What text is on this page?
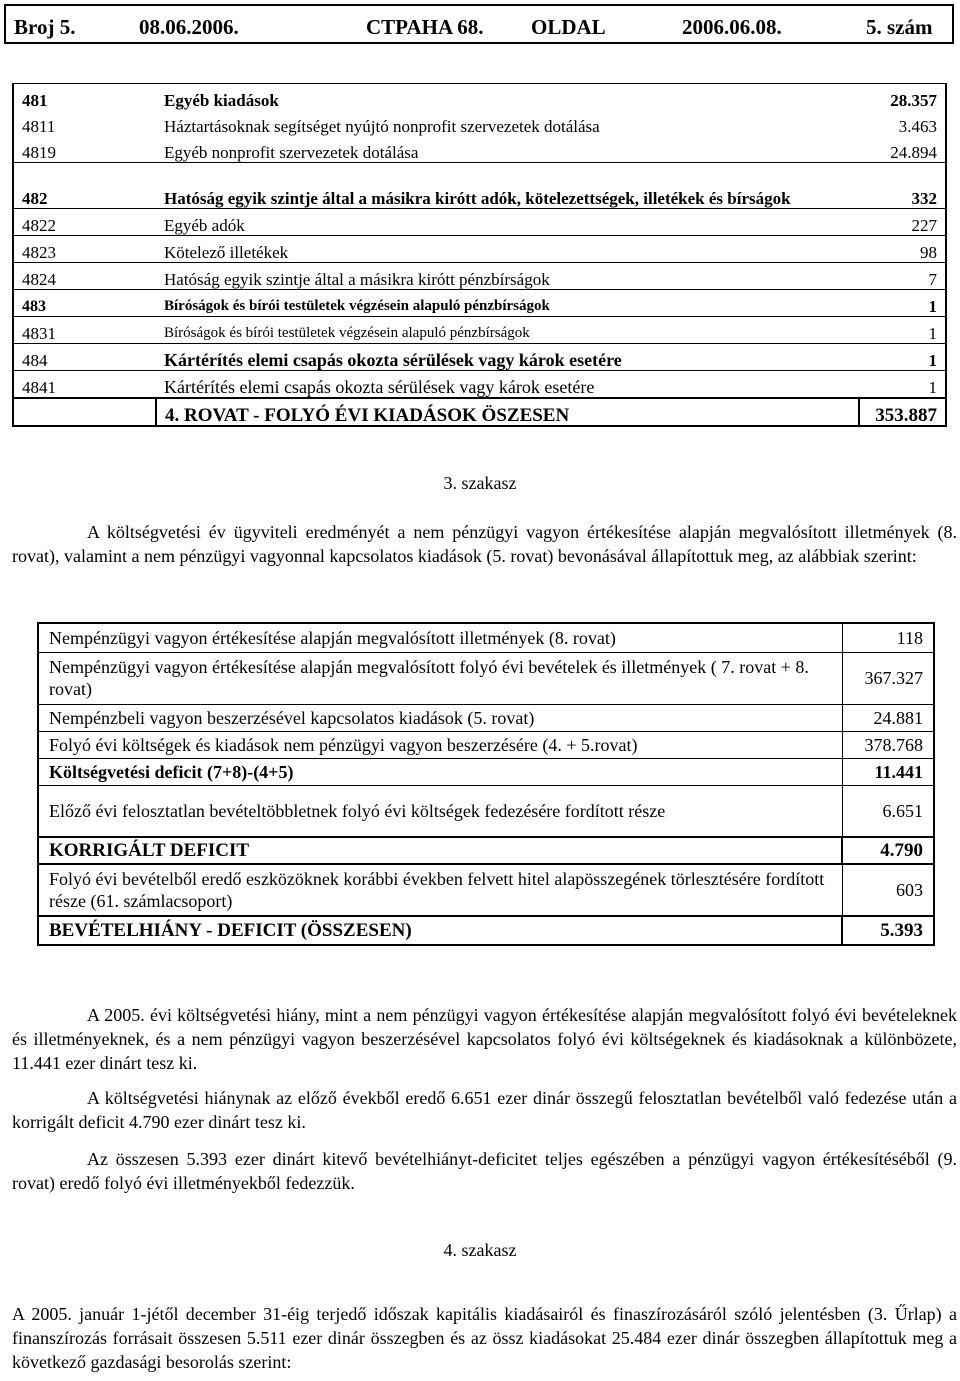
Broj 5.	08.06.2006.	CTPAHA 68. OLDAL	2006.06.08.	5. szám
481	Egyéb kiadások	28.357
4811	Háztartásoknak segítséget nyújtó nonprofit szervezetek dotálása	3.463
4819	Egyéb nonprofit szervezetek dotálása	24.894
482	Hatóság egyik szintje által a másikra kirótt adók, kötelezettségek, illetékek és bírságok	332
4822	Egyéb adók	227
4823	Kötelező illetékek	98
4824	Hatóság egyik szintje által a másikra kirótt pénzbírságok	7
483	Bíróságok és bírói testületek végzésein alapuló pénzbírságok	1
4831	Bíróságok és bírói testületek végzésein alapuló pénzbírságok	1
484	Kártérítés elemi csapás okozta sérülések vagy károk esetére	1
4841	Kártérítés elemi csapás okozta sérülések vagy károk esetére	1
	4. ROVAT - FOLYÓ ÉVI KIADÁSOK ÖSZESEN	353.887
3. szakasz
A költségvetési év ügyviteli eredményét a nem pénzügyi vagyon értékesítése alapján megvalósított illetmények (8. rovat), valamint a nem pénzügyi vagyonnal kapcsolatos kiadások (5. rovat) bevonásával állapítottuk meg, az alábbiak szerint:
Nempénzügyi vagyon értékesítése alapján megvalósított illetmények (8. rovat)	118
Nempénzügyi vagyon értékesítése alapján megvalósított folyó évi bevételek és illetmények ( 7. rovat + 8. rovat)	367.327
Nempénzbeli vagyon beszerzésével kapcsolatos kiadások (5. rovat)	24.881
Folyó évi költségek és kiadások nem pénzügyi vagyon beszerzésére (4. + 5.rovat)	378.768
Költségvetési deficit (7+8)-(4+5)	11.441
Előző évi felosztatlan bevételtöbbletnek folyó évi költségek fedezésére fordított része	6.651
KORRIGÁLT DEFICIT	4.790
Folyó évi bevételből eredő eszközöknek korábbi években felvett hitel alapösszegének törlesztésére fordított része (61. számlacsoport)	603
BEVÉTELHIÁNY - DEFICIT (ÖSSZESEN)	5.393
A 2005. évi költségvetési hiány, mint a nem pénzügyi vagyon értékesítése alapján megvalósított folyó évi bevételeknek és illetményeknek, és a nem pénzügyi vagyon beszerzésével kapcsolatos folyó évi költségeknek és kiadásoknak a különbözete, 11.441 ezer dinárt tesz ki.
A költségvetési hiánynak az előző évekből eredő 6.651 ezer dinár összegű felosztatlan bevételből való fedezése után a korrigált deficit 4.790 ezer dinárt tesz ki.
Az összesen 5.393 ezer dinárt kitevő bevételhiányt-deficitet teljes egészében a pénzügyi vagyon értékesítéséből (9. rovat) eredő folyó évi illetményekből fedezzük.
4. szakasz
A 2005. január 1-jétől december 31-éig terjedő időszak kapitális kiadásairól és finaszírozásáról szóló jelentésben (3. Űrlap) a finanszírozás forrásait összesen 5.511 ezer dinár összegben és az össz kiadásokat 25.484 ezer dinár összegben állapítottuk meg a következő gazdasági besorolás szerint:
